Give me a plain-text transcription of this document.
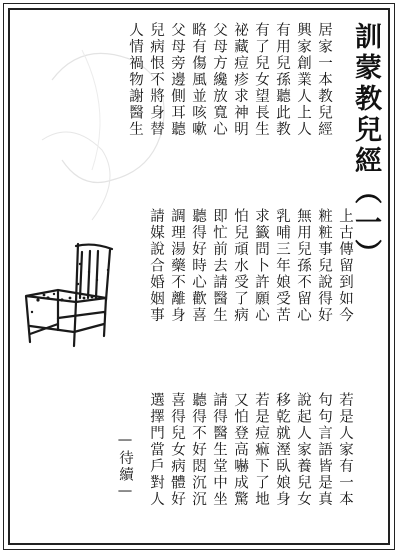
訓蒙教兒經（一）
居家一本教兒經
興家創業人上人
有用兒孫聽此教
有了兒女望長生
祕藏痘疹求神明
父母方纔放寬心
略有傷風並咳嗽
父母旁邊側耳聽
兒病恨不將身替
人情禍物謝醫生
上古傳留到如今
粧粧事兒說得好
無用兒孫不留心
乳哺三年娘受苦
求籤問卜許願心
怕兒頑水受了病
即忙前去請醫生
聽得好時心歡喜
調理湯藥不離身
請媒說合婚姻事
若是人家有一本
句句言語皆是真
說起人家養兒女
移乾就溼臥娘身
若是痘痲下了地
又怕登高嚇成驚
請得醫生堂中坐
聽得不好悶沉沉
喜得兒女病體好
選擇門當戶對人
—待續—
